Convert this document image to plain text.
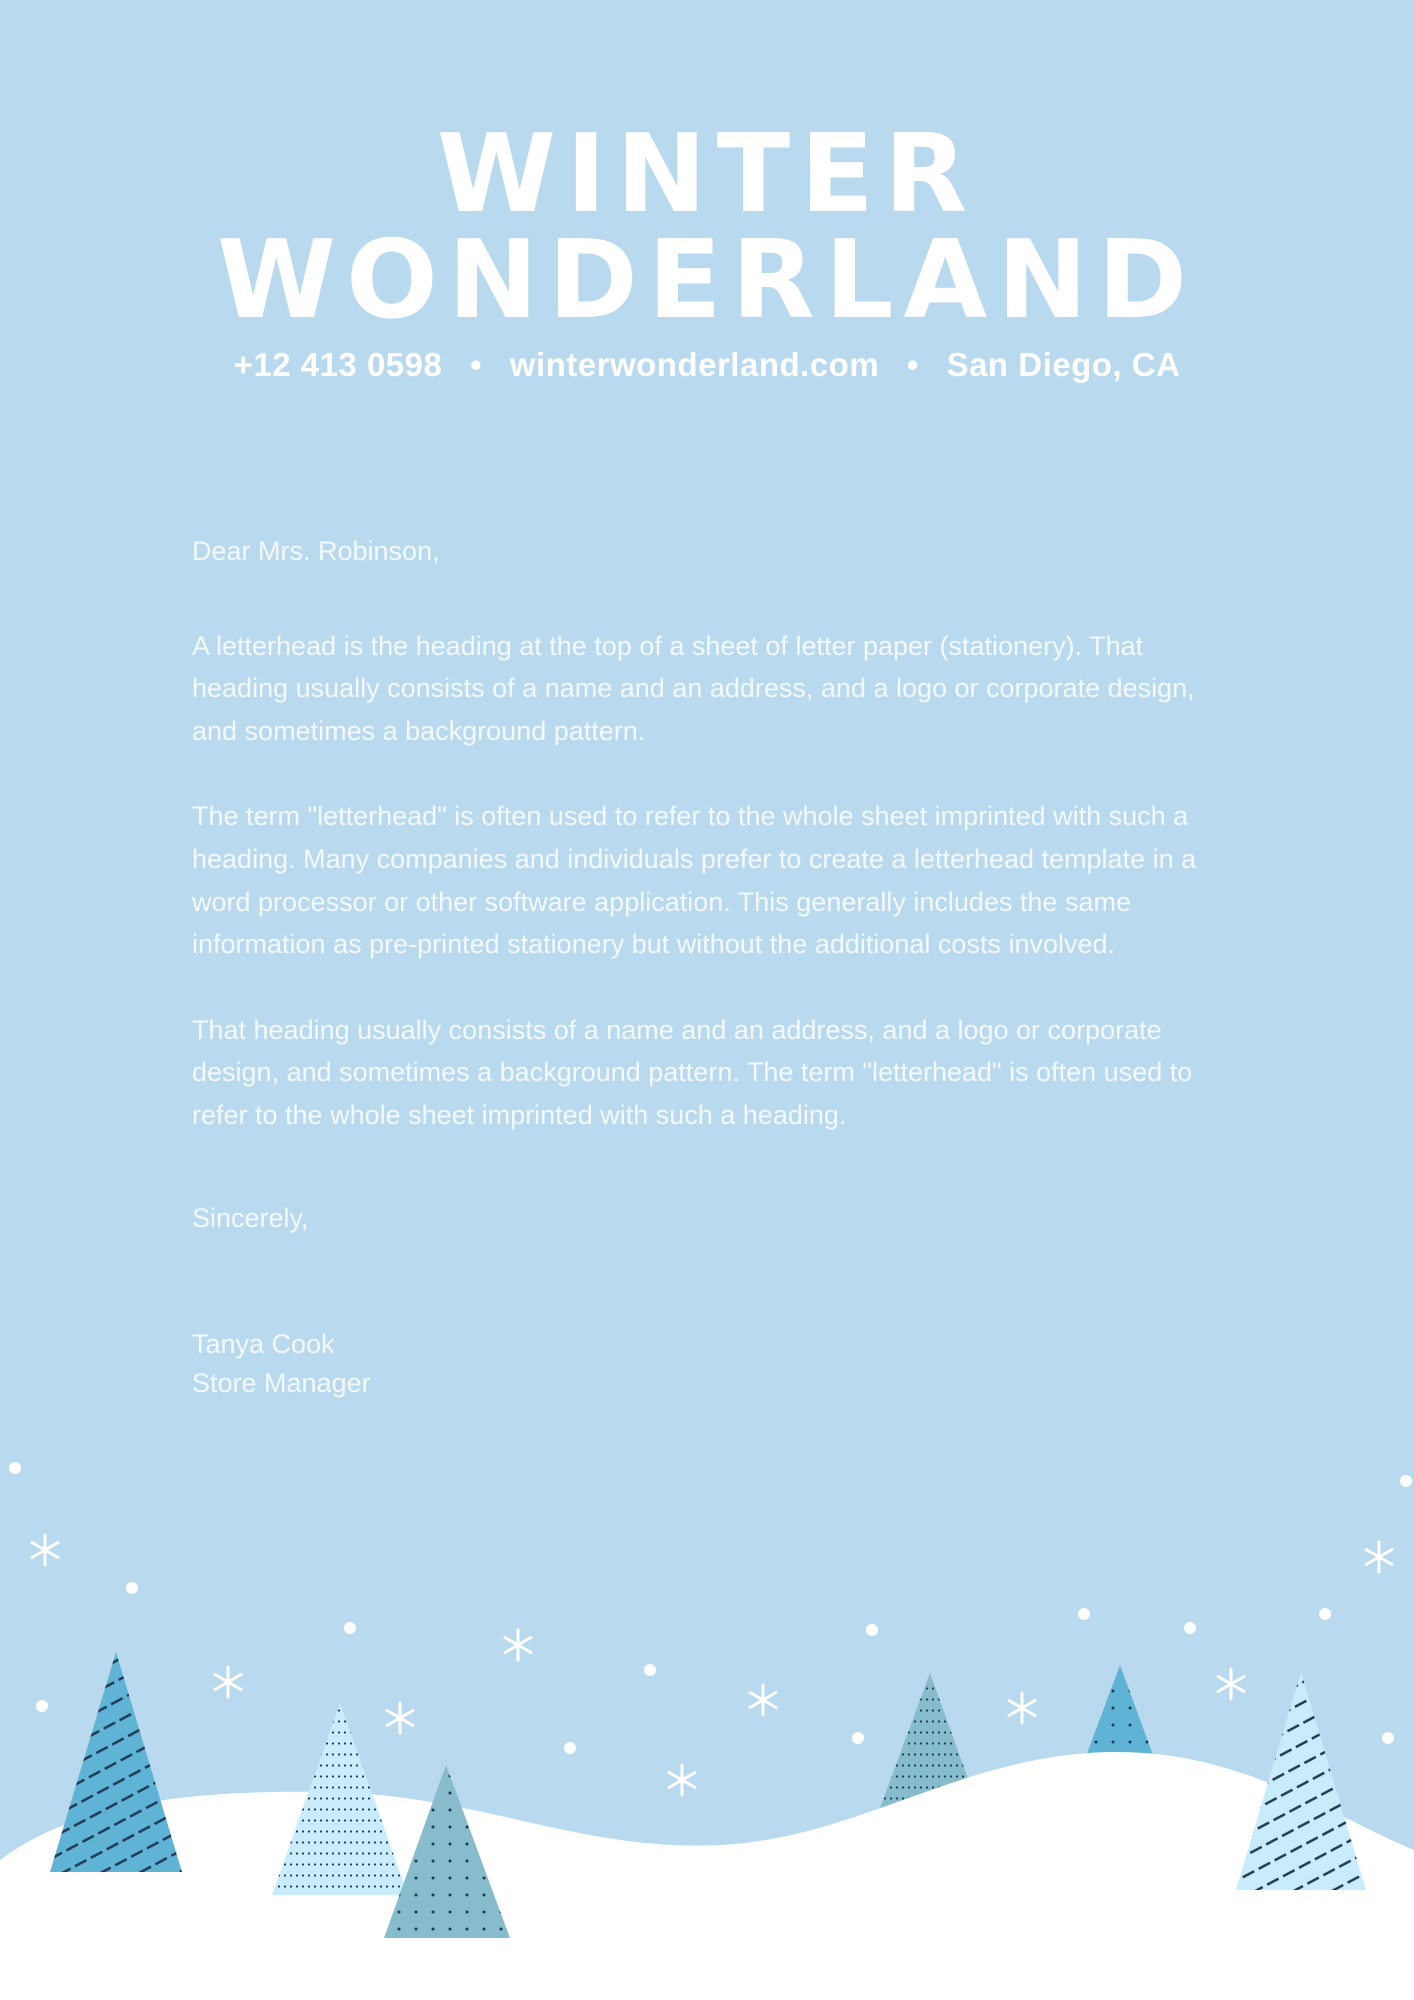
WINTER
WONDERLAND
+12 413 0598 • winterwonderland.com • San Diego, CA

Dear Mrs. Robinson,

A letterhead is the heading at the top of a sheet of letter paper (stationery). That heading usually consists of a name and an address, and a logo or corporate design, and sometimes a background pattern.

The term "letterhead" is often used to refer to the whole sheet imprinted with such a heading. Many companies and individuals prefer to create a letterhead template in a word processor or other software application. This generally includes the same information as pre-printed stationery but without the additional costs involved.

That heading usually consists of a name and an address, and a logo or corporate design, and sometimes a background pattern. The term "letterhead" is often used to refer to the whole sheet imprinted with such a heading.

Sincerely,

Tanya Cook

Store Manager
